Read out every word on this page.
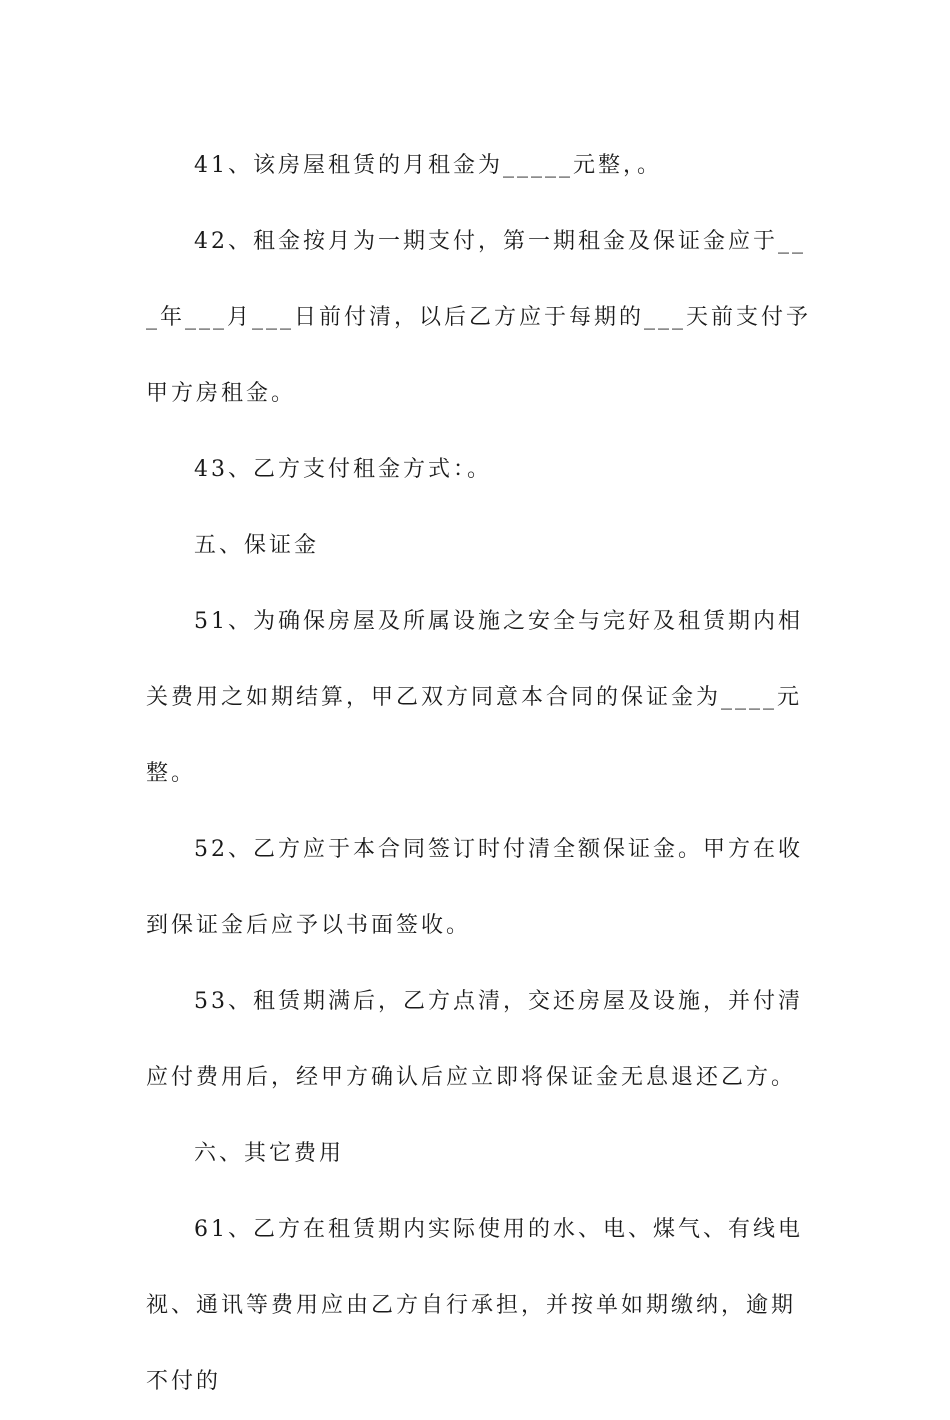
41、该房屋租赁的月租金为_____元整，。

42、租金按月为一期支付，第一期租金及保证金应于___年___月___日前付清，以后乙方应于每期的___天前支付予甲方房租金。

43、乙方支付租金方式：。

五、保证金

51、为确保房屋及所属设施之安全与完好及租赁期内相关费用之如期结算，甲乙双方同意本合同的保证金为____元整。

52、乙方应于本合同签订时付清全额保证金。甲方在收到保证金后应予以书面签收。

53、租赁期满后，乙方点清，交还房屋及设施，并付清应付费用后，经甲方确认后应立即将保证金无息退还乙方。

六、其它费用

61、乙方在租赁期内实际使用的水、电、煤气、有线电视、通讯等费用应由乙方自行承担，并按单如期缴纳，逾期不付的
